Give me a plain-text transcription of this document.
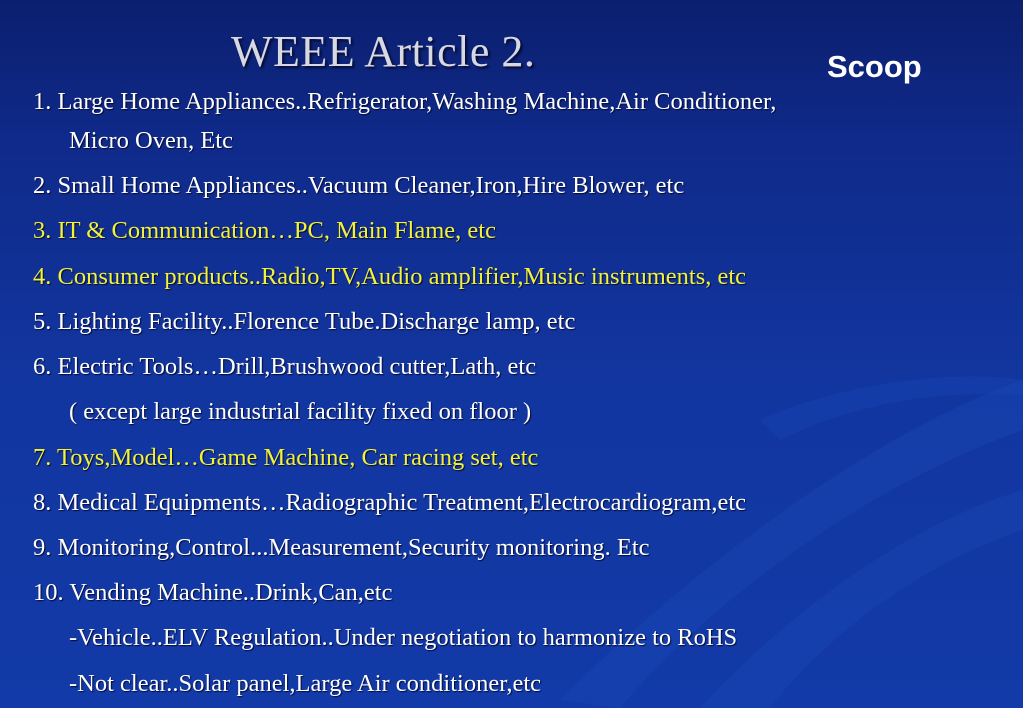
WEEE Article 2.	Scoop
1. Large Home Appliances..Refrigerator,Washing Machine,Air Conditioner,
Micro Oven, Etc
2. Small Home Appliances..Vacuum Cleaner,Iron,Hire Blower, etc
3. IT & Communication…PC, Main Flame, etc
4. Consumer products..Radio,TV,Audio amplifier,Music instruments, etc
5. Lighting Facility..Florence Tube.Discharge lamp, etc
6. Electric Tools…Drill,Brushwood cutter,Lath, etc
( except large industrial facility fixed on floor )
7. Toys,Model…Game Machine, Car racing set, etc
8. Medical Equipments…Radiographic Treatment,Electrocardiogram,etc
9. Monitoring,Control...Measurement,Security monitoring. Etc
10. Vending Machine..Drink,Can,etc
-Vehicle..ELV Regulation..Under negotiation to harmonize to RoHS
-Not clear..Solar panel,Large Air conditioner,etc
